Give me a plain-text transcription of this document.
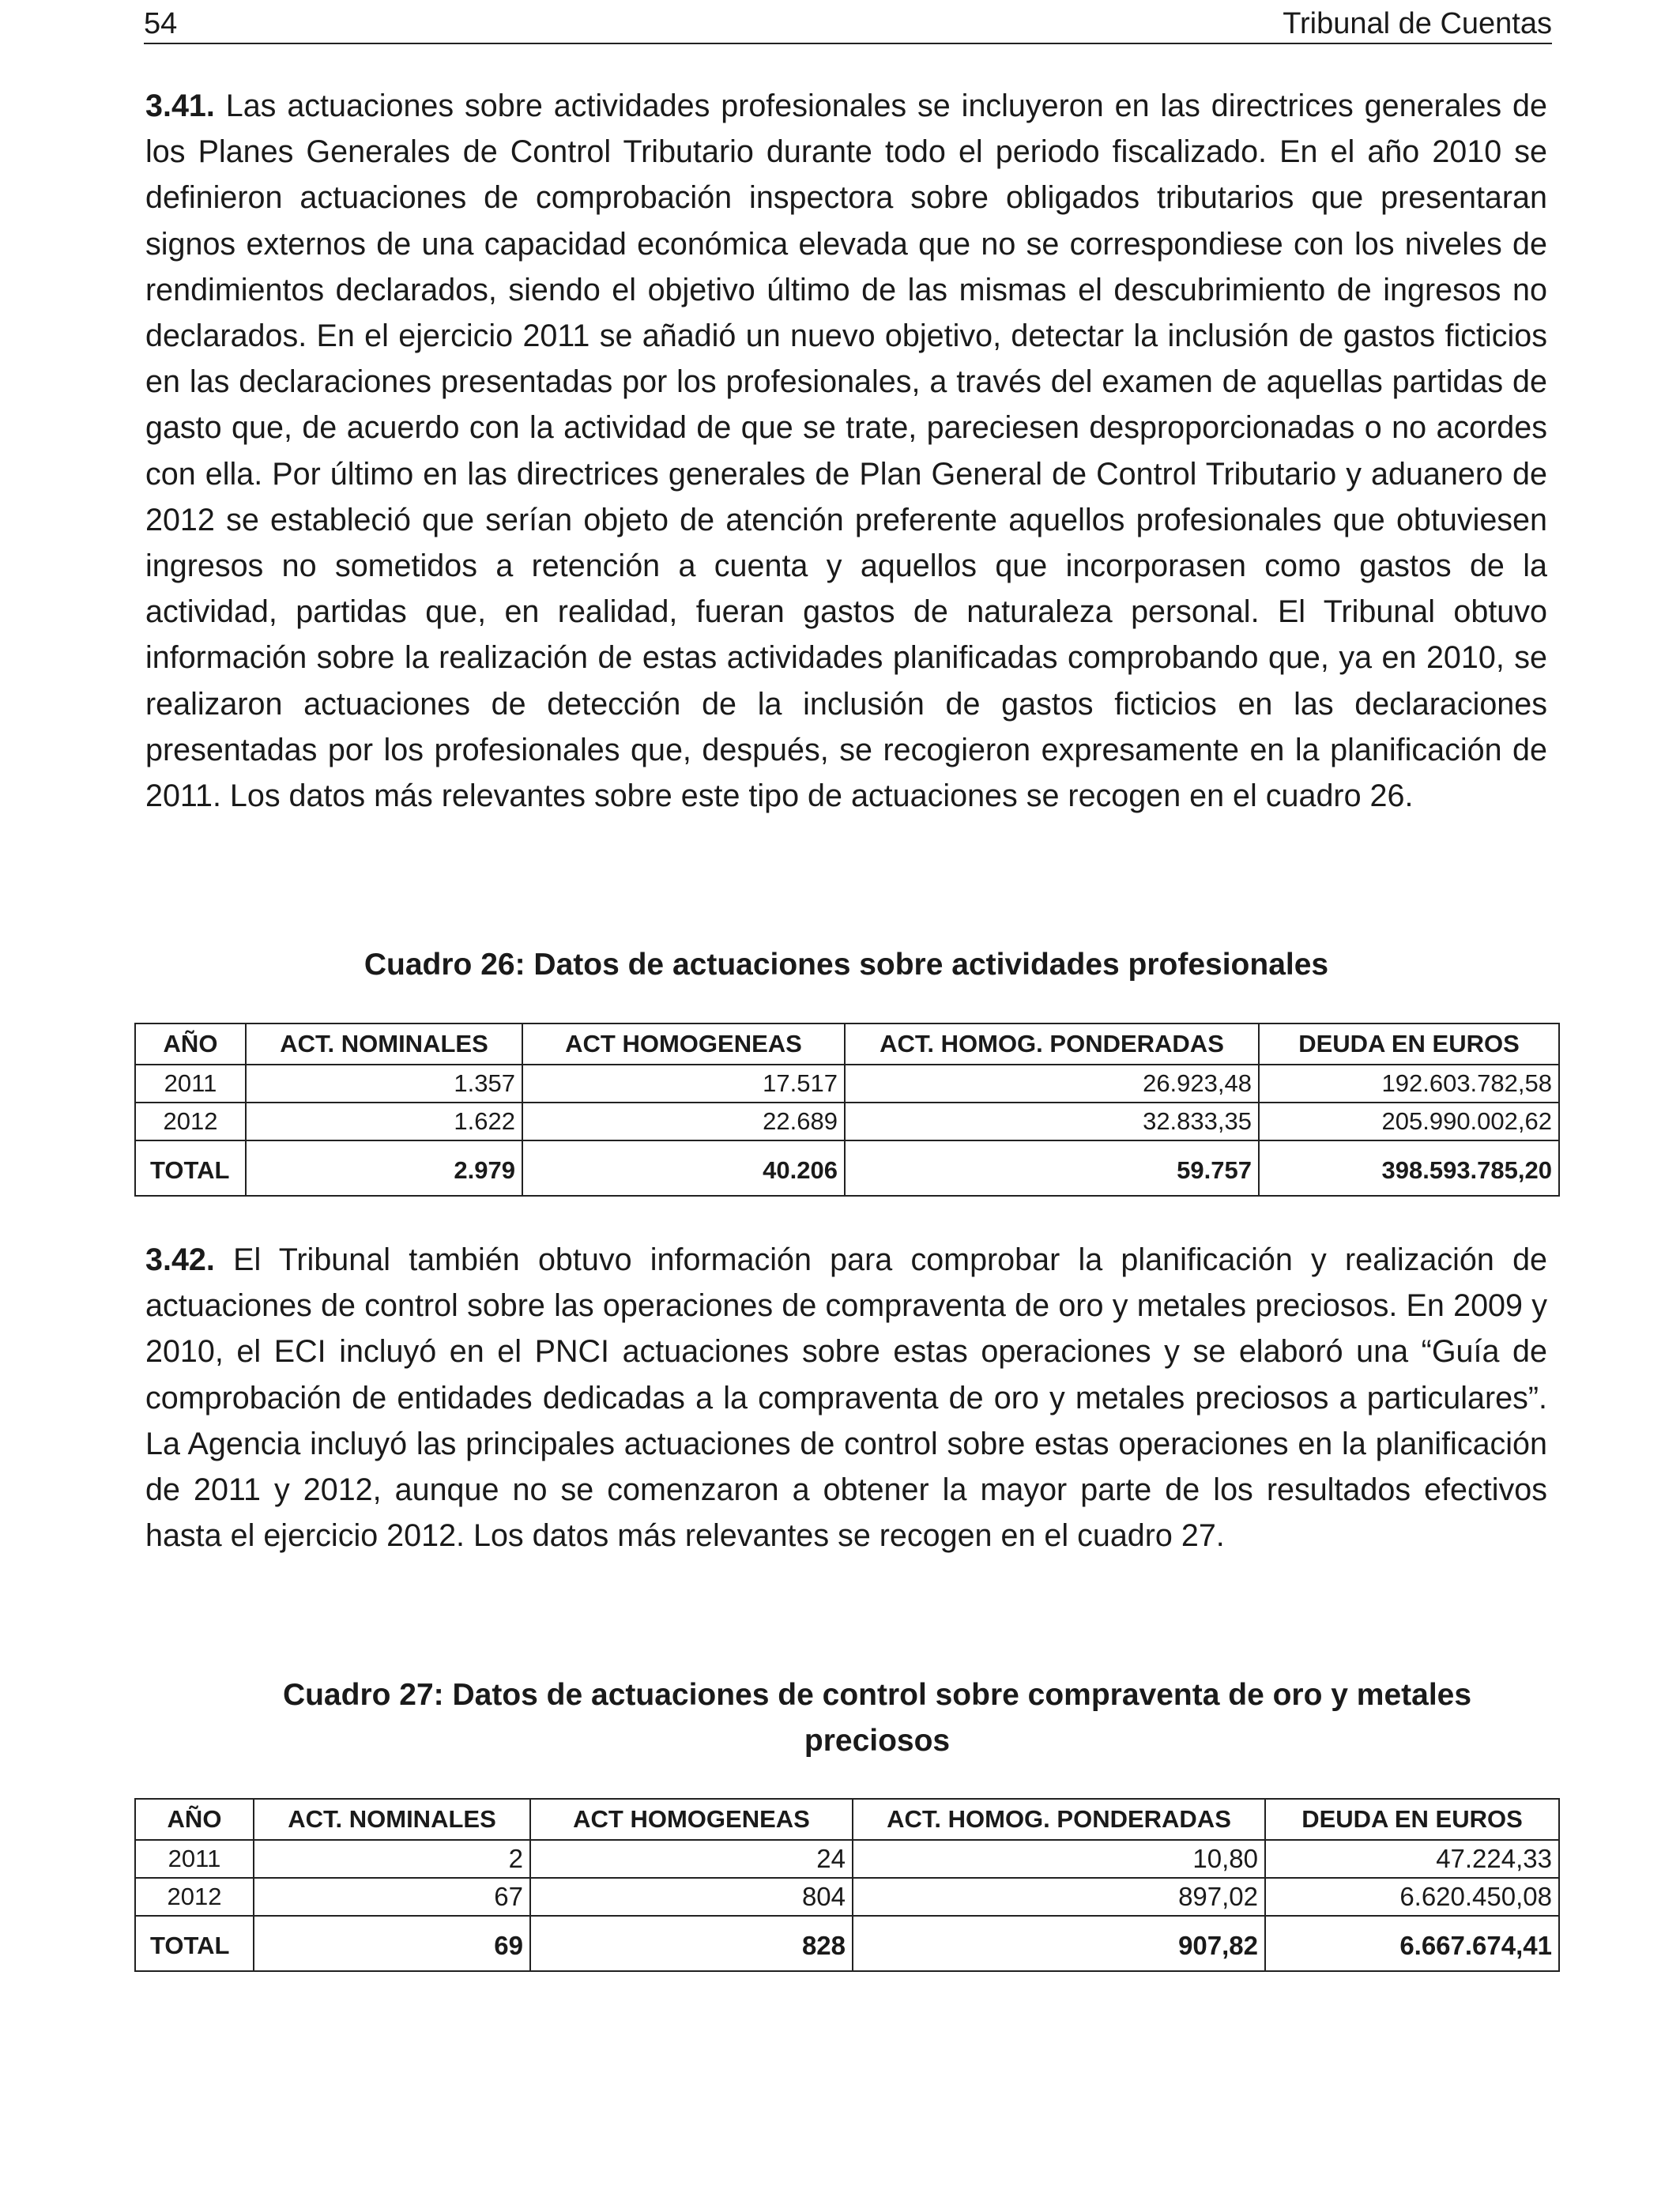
54	Tribunal de Cuentas

3.41. Las actuaciones sobre actividades profesionales se incluyeron en las directrices generales de los Planes Generales de Control Tributario durante todo el periodo fiscalizado. En el año 2010 se definieron actuaciones de comprobación inspectora sobre obligados tributarios que presentaran signos externos de una capacidad económica elevada que no se correspondiese con los niveles de rendimientos declarados, siendo el objetivo último de las mismas el descubrimiento de ingresos no declarados. En el ejercicio 2011 se añadió un nuevo objetivo, detectar la inclusión de gastos ficticios en las declaraciones presentadas por los profesionales, a través del examen de aquellas partidas de gasto que, de acuerdo con la actividad de que se trate, pareciesen desproporcionadas o no acordes con ella. Por último en las directrices generales de Plan General de Control Tributario y aduanero de 2012 se estableció que serían objeto de atención preferente aquellos profesionales que obtuviesen ingresos no sometidos a retención a cuenta y aquellos que incorporasen como gastos de la actividad, partidas que, en realidad, fueran gastos de naturaleza personal. El Tribunal obtuvo información sobre la realización de estas actividades planificadas comprobando que, ya en 2010, se realizaron actuaciones de detección de la inclusión de gastos ficticios en las declaraciones presentadas por los profesionales que, después, se recogieron expresamente en la planificación de 2011. Los datos más relevantes sobre este tipo de actuaciones se recogen en el cuadro 26.

Cuadro 26: Datos de actuaciones sobre actividades profesionales

AÑO	ACT. NOMINALES	ACT HOMOGENEAS	ACT. HOMOG. PONDERADAS	DEUDA EN EUROS
2011	1.357	17.517	26.923,48	192.603.782,58
2012	1.622	22.689	32.833,35	205.990.002,62
TOTAL	2.979	40.206	59.757	398.593.785,20

3.42. El Tribunal también obtuvo información para comprobar la planificación y realización de actuaciones de control sobre las operaciones de compraventa de oro y metales preciosos. En 2009 y 2010, el ECI incluyó en el PNCI actuaciones sobre estas operaciones y se elaboró una “Guía de comprobación de entidades dedicadas a la compraventa de oro y metales preciosos a particulares”. La Agencia incluyó las principales actuaciones de control sobre estas operaciones en la planificación de 2011 y 2012, aunque no se comenzaron a obtener la mayor parte de los resultados efectivos hasta el ejercicio 2012. Los datos más relevantes se recogen en el cuadro 27.

Cuadro 27: Datos de actuaciones de control sobre compraventa de oro y metales preciosos

AÑO	ACT. NOMINALES	ACT HOMOGENEAS	ACT. HOMOG. PONDERADAS	DEUDA EN EUROS
2011	2	24	10,80	47.224,33
2012	67	804	897,02	6.620.450,08
TOTAL	69	828	907,82	6.667.674,41
